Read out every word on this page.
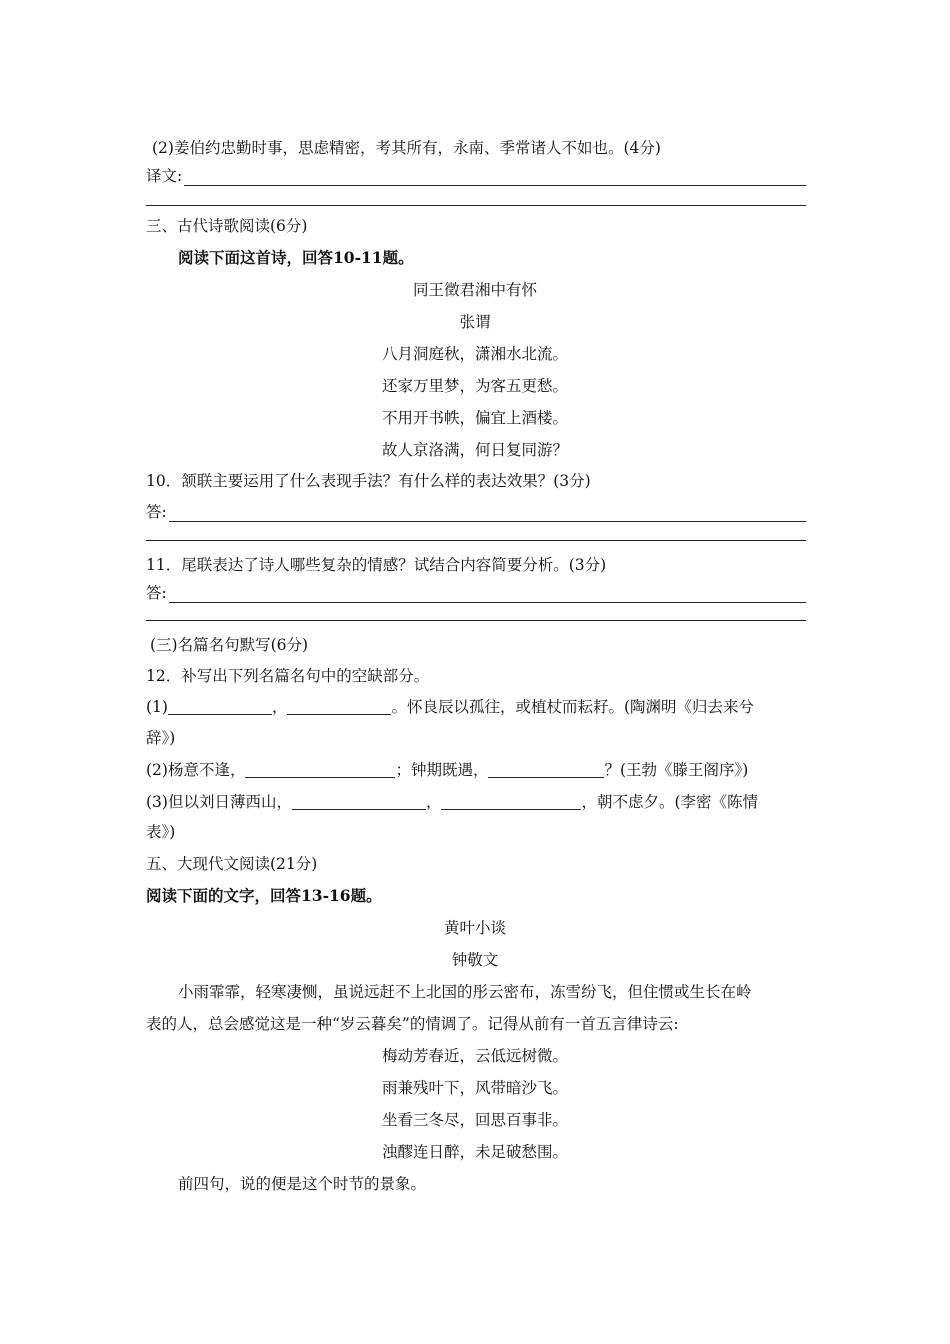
(2)姜伯约忠勤时事，思虑精密，考其所有，永南、季常诸人不如也。(4分)
译文:
三、古代诗歌阅读(6分)
阅读下面这首诗，回答10-11题。
同王徵君湘中有怀
张谓
八月洞庭秋，潇湘水北流。
还家万里梦，为客五更愁。
不用开书帙，偏宜上酒楼。
故人京洛满，何日复同游？
10．颔联主要运用了什么表现手法？有什么样的表达效果？(3分)
答:
11．尾联表达了诗人哪些复杂的情感？试结合内容简要分析。(3分)
答:
(三)名篇名句默写(6分)
12．补写出下列名篇名句中的空缺部分。
(1)	，	。怀良辰以孤往，或植杖而耘耔。(陶渊明《归去来兮
辞》)
(2)杨意不逢，	；钟期既遇，	？(王勃《滕王阁序》)
(3)但以刘日薄西山，	，	，朝不虑夕。(李密《陈情
表》)
五、大现代文阅读(21分)
阅读下面的文字，回答13-16题。
黄叶小谈
钟敬文
小雨霏霏，轻寒凄恻，虽说远赶不上北国的彤云密布，冻雪纷飞，但住惯或生长在岭
表的人，总会感觉这是一种“岁云暮矣”的情调了。记得从前有一首五言律诗云:
梅动芳春近，云低远树微。
雨兼残叶下，风带暗沙飞。
坐看三冬尽，回思百事非。
浊醪连日醉，未足破愁围。
前四句，说的便是这个时节的景象。
